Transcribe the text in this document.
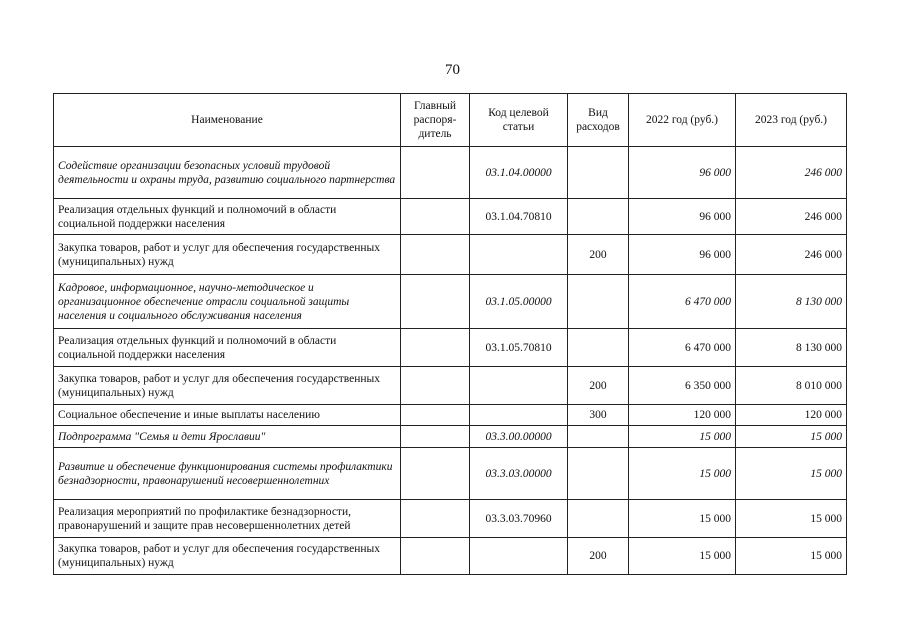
70
Наименование	Главный распоря-дитель	Код целевой статьи	Вид расходов	2022 год (руб.)	2023 год (руб.)
Содействие организации безопасных условий трудовой деятельности и охраны труда, развитию социального партнерства		03.1.04.00000		96 000	246 000
Реализация отдельных функций и полномочий в области социальной поддержки населения		03.1.04.70810		96 000	246 000
Закупка товаров, работ и услуг для обеспечения государственных (муниципальных) нужд			200	96 000	246 000
Кадровое, информационное, научно-методическое и организационное обеспечение отрасли социальной защиты населения и социального обслуживания населения		03.1.05.00000		6 470 000	8 130 000
Реализация отдельных функций и полномочий в области социальной поддержки населения		03.1.05.70810		6 470 000	8 130 000
Закупка товаров, работ и услуг для обеспечения государственных (муниципальных) нужд			200	6 350 000	8 010 000
Социальное обеспечение и иные выплаты населению			300	120 000	120 000
Подпрограмма "Семья и дети Ярославии"		03.3.00.00000		15 000	15 000
Развитие и обеспечение функционирования системы профилактики безнадзорности, правонарушений несовершеннолетних		03.3.03.00000		15 000	15 000
Реализация мероприятий по профилактике безнадзорности, правонарушений и защите прав несовершеннолетних детей		03.3.03.70960		15 000	15 000
Закупка товаров, работ и услуг для обеспечения государственных (муниципальных) нужд			200	15 000	15 000
